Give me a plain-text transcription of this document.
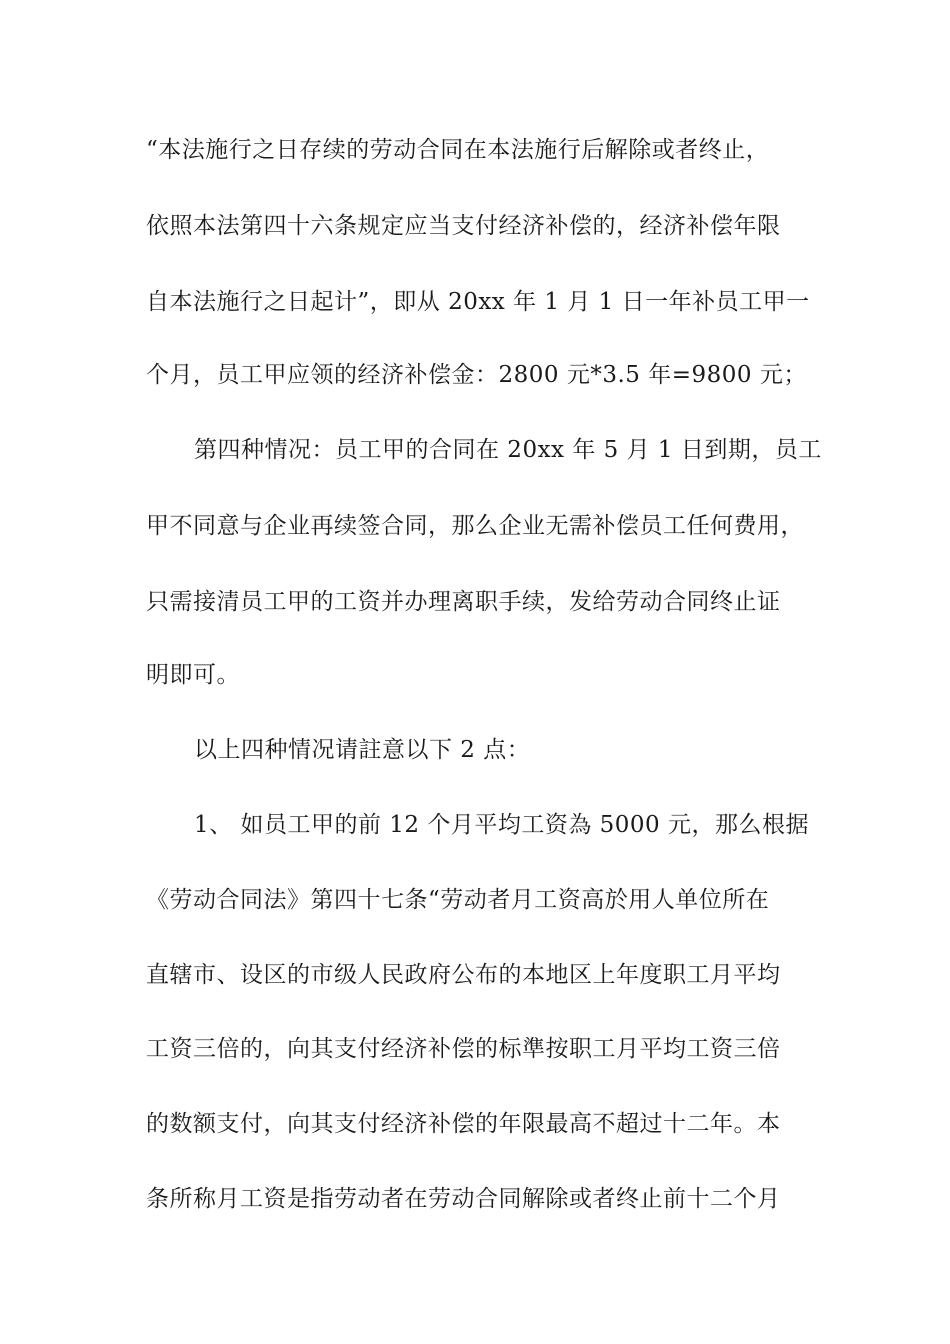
“本法施行之日存续的劳动合同在本法施行后解除或者终止，
依照本法第四十六条规定应当支付经济补偿的，经济补偿年限
自本法施行之日起计”，即从 20xx 年 1 月 1 日一年补员工甲一
个月，员工甲应领的经济补偿金：2800 元*3.5 年=9800 元；
第四种情况：员工甲的合同在 20xx 年 5 月 1 日到期，员工
甲不同意与企业再续签合同，那么企业无需补偿员工任何费用，
只需接清员工甲的工资并办理离职手续，发给劳动合同终止证
明即可。
以上四种情况请註意以下 2 点：
1、 如员工甲的前 12 个月平均工资為 5000 元，那么根据
《劳动合同法》第四十七条“劳动者月工资高於用人单位所在
直辖市、设区的市级人民政府公布的本地区上年度职工月平均
工资三倍的，向其支付经济补偿的标準按职工月平均工资三倍
的数额支付，向其支付经济补偿的年限最高不超过十二年。本
条所称月工资是指劳动者在劳动合同解除或者终止前十二个月
